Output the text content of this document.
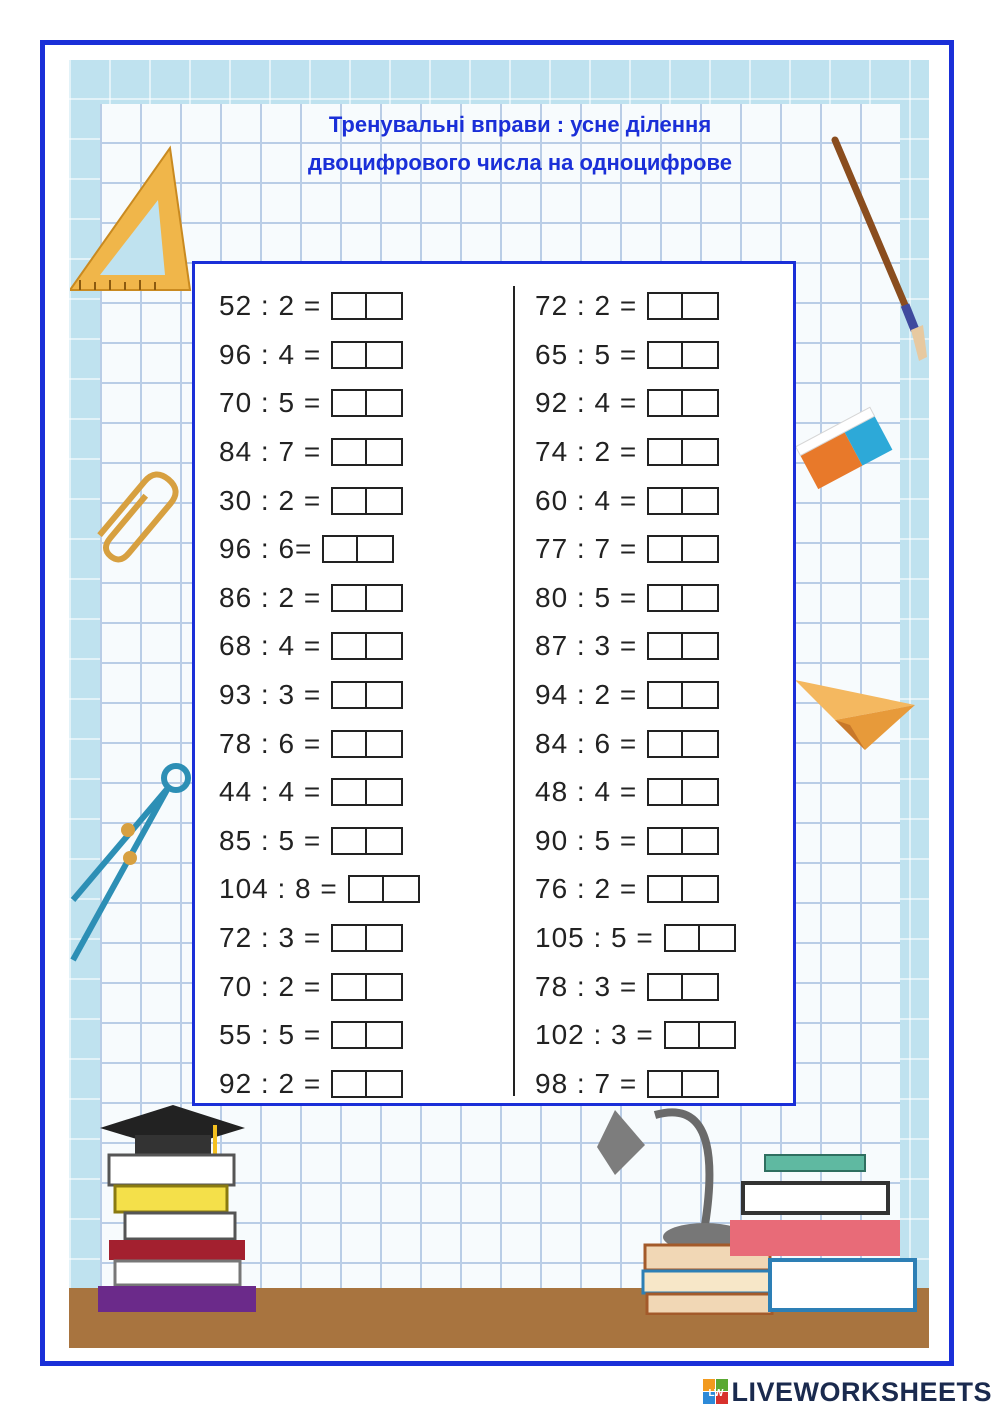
Тренувальні вправи : усне ділення
двоцифрового числа на одноцифрове
52 : 2 =
96 : 4 =
70 : 5 =
84 : 7 =
30 : 2 =
96 : 6=
86 : 2 =
68 : 4 =
93 : 3 =
78 : 6 =
44 : 4 =
85 : 5 =
104 : 8 =
72 : 3 =
70 : 2 =
55 : 5 =
92 : 2 =
72 : 2 =
65 : 5 =
92 : 4 =
74 : 2 =
60 : 4 =
77 : 7 =
80 : 5 =
87 : 3 =
94 : 2 =
84 : 6 =
48 : 4 =
90 : 5 =
76 : 2 =
105 : 5 =
78 : 3 =
102 : 3 =
98 : 7 =
LW LIVEWORKSHEETS
